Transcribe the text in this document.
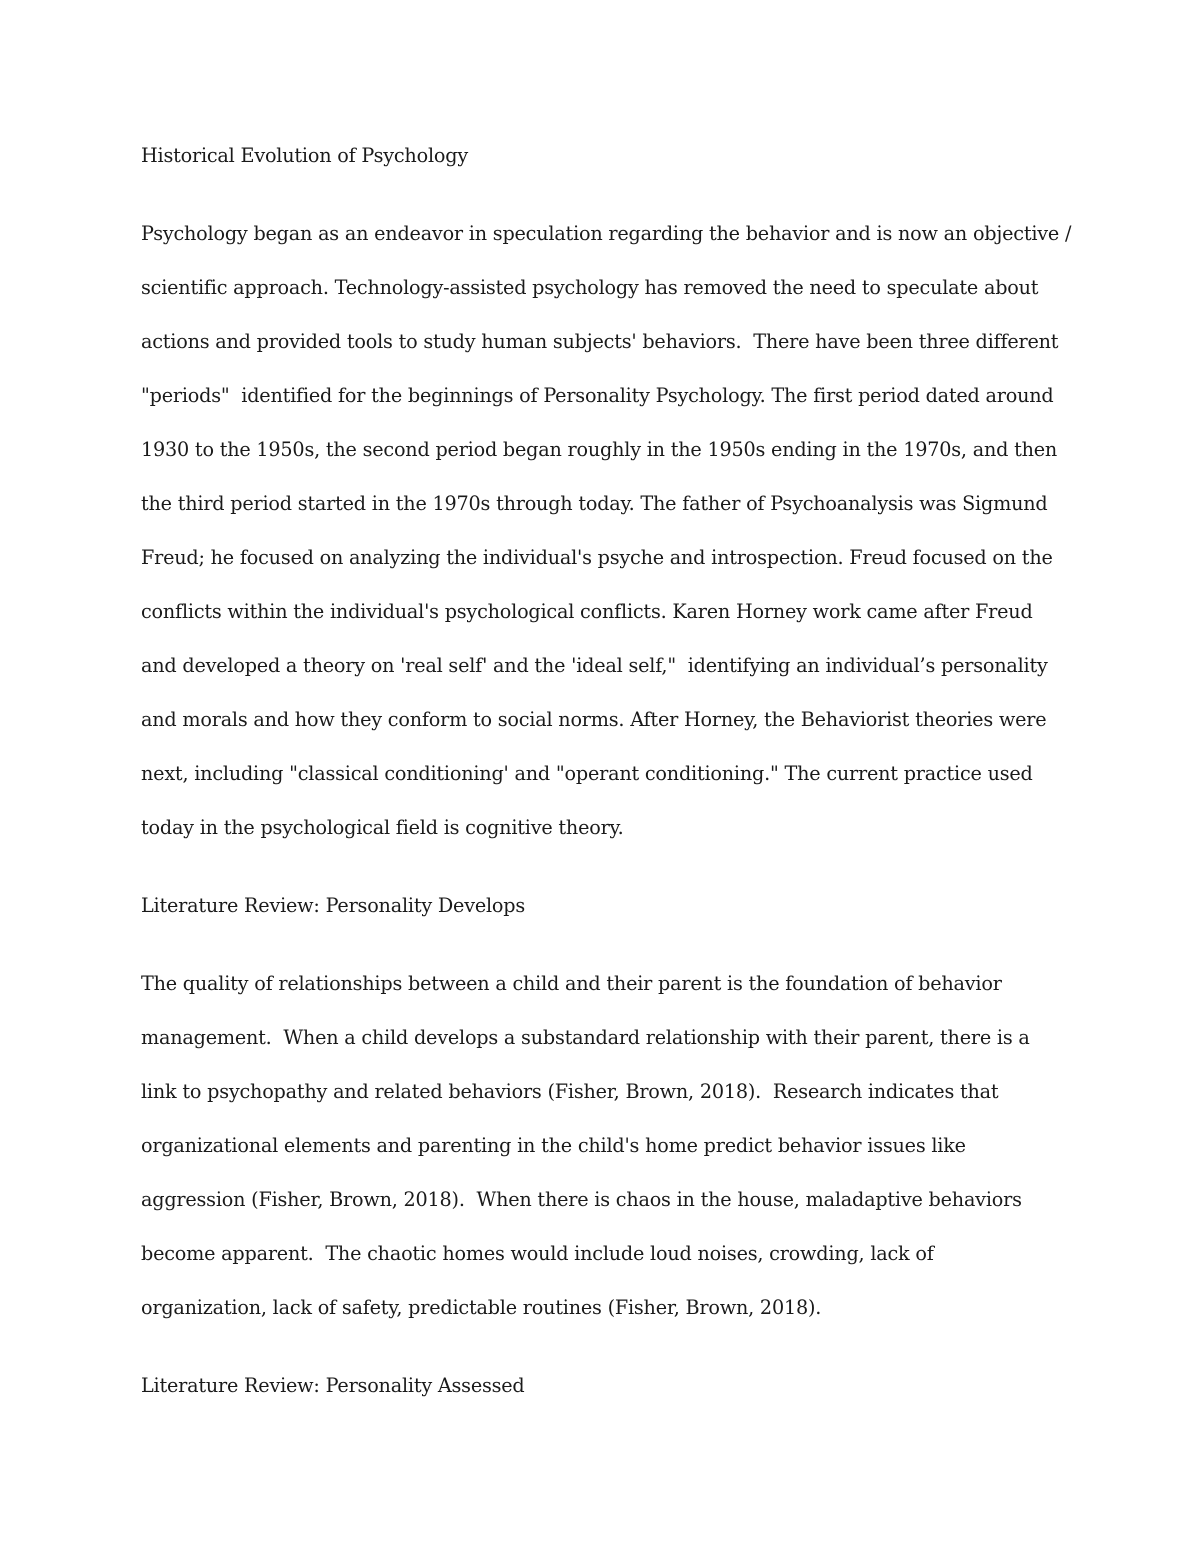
Historical Evolution of Psychology

Psychology began as an endeavor in speculation regarding the behavior and is now an objective /

scientific approach. Technology-assisted psychology has removed the need to speculate about

actions and provided tools to study human subjects' behaviors.  There have been three different

"periods"  identified for the beginnings of Personality Psychology. The first period dated around

1930 to the 1950s, the second period began roughly in the 1950s ending in the 1970s, and then

the third period started in the 1970s through today. The father of Psychoanalysis was Sigmund

Freud; he focused on analyzing the individual's psyche and introspection. Freud focused on the

conflicts within the individual's psychological conflicts. Karen Horney work came after Freud

and developed a theory on 'real self' and the 'ideal self,"  identifying an individual’s personality

and morals and how they conform to social norms. After Horney, the Behaviorist theories were

next, including "classical conditioning' and "operant conditioning." The current practice used

today in the psychological field is cognitive theory.

Literature Review: Personality Develops

The quality of relationships between a child and their parent is the foundation of behavior

management.  When a child develops a substandard relationship with their parent, there is a

link to psychopathy and related behaviors (Fisher, Brown, 2018).  Research indicates that

organizational elements and parenting in the child's home predict behavior issues like

aggression (Fisher, Brown, 2018).  When there is chaos in the house, maladaptive behaviors

become apparent.  The chaotic homes would include loud noises, crowding, lack of

organization, lack of safety, predictable routines (Fisher, Brown, 2018).

Literature Review: Personality Assessed
